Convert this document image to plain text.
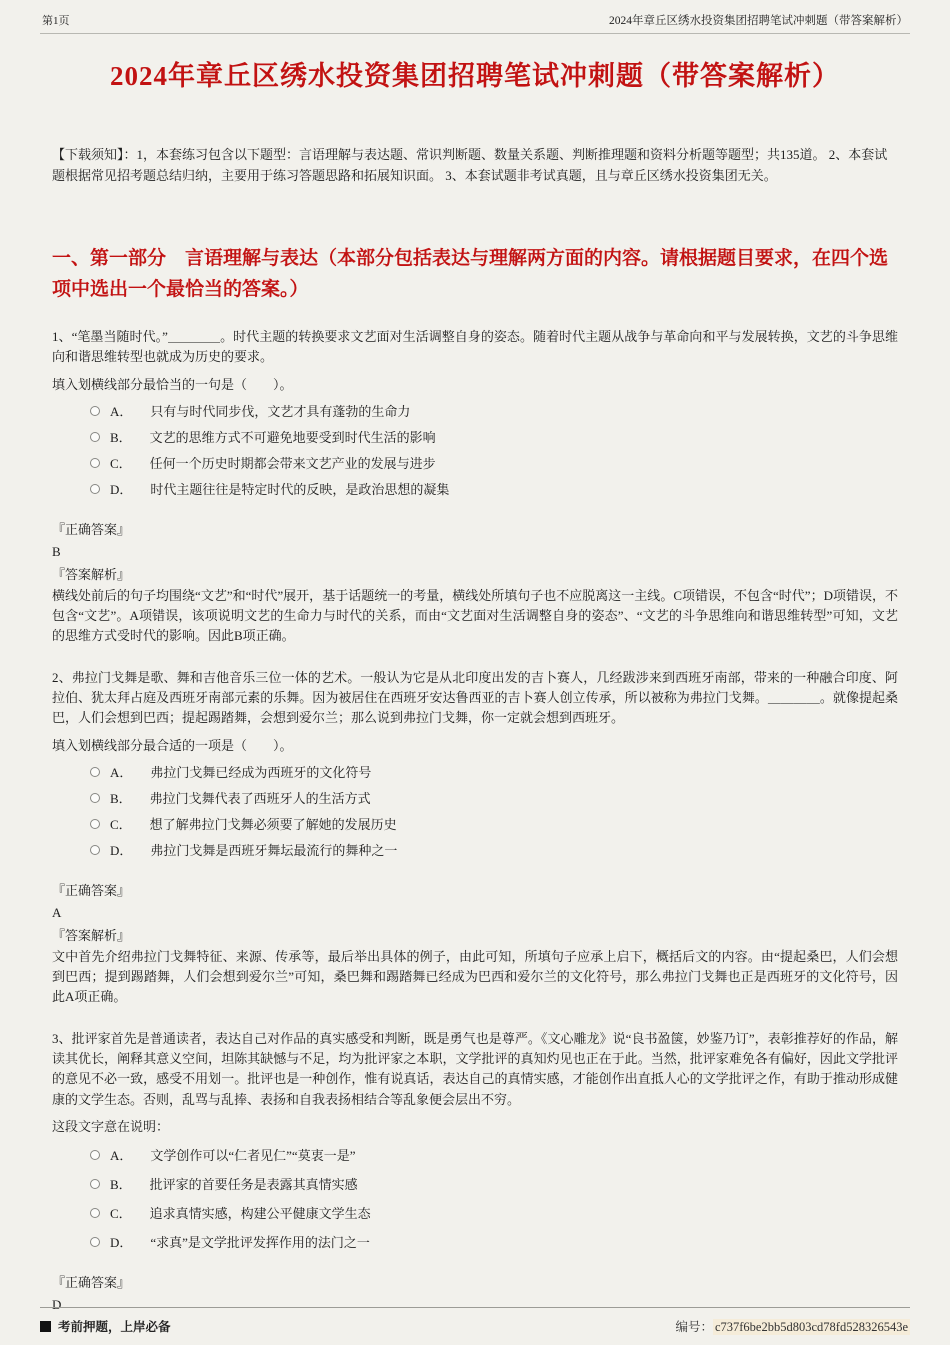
第1页	2024年章丘区绣水投资集团招聘笔试冲刺题（带答案解析）
2024年章丘区绣水投资集团招聘笔试冲刺题（带答案解析）

【下载须知】：1，本套练习包含以下题型：言语理解与表达题、常识判断题、数量关系题、判断推理题和资料分析题等题型；共135道。 2、本套试题根据常见招考题总结归纳，主要用于练习答题思路和拓展知识面。 3、本套试题非考试真题，且与章丘区绣水投资集团无关。

一、第一部分　言语理解与表达（本部分包括表达与理解两方面的内容。请根据题目要求，在四个选项中选出一个最恰当的答案。）

1、“笔墨当随时代。”＿＿＿＿。时代主题的转换要求文艺面对生活调整自身的姿态。随着时代主题从战争与革命向和平与发展转换，文艺的斗争思维向和谐思维转型也就成为历史的要求。

填入划横线部分最恰当的一句是（　　）。

A． 只有与时代同步伐，文艺才具有蓬勃的生命力
B． 文艺的思维方式不可避免地要受到时代生活的影响
C． 任何一个历史时期都会带来文艺产业的发展与进步
D． 时代主题往往是特定时代的反映，是政治思想的凝集

『正确答案』

B

『答案解析』

横线处前后的句子均围绕“文艺”和“时代”展开，基于话题统一的考量，横线处所填句子也不应脱离这一主线。C项错误，不包含“时代”；D项错误，不包含“文艺”。A项错误，该项说明文艺的生命力与时代的关系，而由“文艺面对生活调整自身的姿态”、“文艺的斗争思维向和谐思维转型”可知，文艺的思维方式受时代的影响。因此B项正确。

2、弗拉门戈舞是歌、舞和吉他音乐三位一体的艺术。一般认为它是从北印度出发的吉卜赛人，几经跋涉来到西班牙南部，带来的一种融合印度、阿拉伯、犹太拜占庭及西班牙南部元素的乐舞。因为被居住在西班牙安达鲁西亚的吉卜赛人创立传承，所以被称为弗拉门戈舞。＿＿＿＿。就像提起桑巴，人们会想到巴西；提起踢踏舞，会想到爱尔兰；那么说到弗拉门戈舞，你一定就会想到西班牙。

填入划横线部分最合适的一项是（　　）。

A． 弗拉门戈舞已经成为西班牙的文化符号
B． 弗拉门戈舞代表了西班牙人的生活方式
C． 想了解弗拉门戈舞必须要了解她的发展历史
D． 弗拉门戈舞是西班牙舞坛最流行的舞种之一

『正确答案』

A

『答案解析』

文中首先介绍弗拉门戈舞特征、来源、传承等，最后举出具体的例子，由此可知，所填句子应承上启下，概括后文的内容。由“提起桑巴，人们会想到巴西；提到踢踏舞，人们会想到爱尔兰”可知，桑巴舞和踢踏舞已经成为巴西和爱尔兰的文化符号，那么弗拉门戈舞也正是西班牙的文化符号，因此A项正确。

3、批评家首先是普通读者，表达自己对作品的真实感受和判断，既是勇气也是尊严。《文心雕龙》说“良书盈箧，妙鉴乃订”，表彰推荐好的作品，解读其优长，阐释其意义空间，坦陈其缺憾与不足，均为批评家之本职，文学批评的真知灼见也正在于此。当然，批评家难免各有偏好，因此文学批评的意见不必一致，感受不用划一。批评也是一种创作，惟有说真话，表达自己的真情实感，才能创作出直抵人心的文学批评之作，有助于推动形成健康的文学生态。否则，乱骂与乱捧、表扬和自我表扬相结合等乱象便会层出不穷。

这段文字意在说明：

A． 文学创作可以“仁者见仁”“莫衷一是”
B． 批评家的首要任务是表露其真情实感
C． 追求真情实感，构建公平健康文学生态
D． “求真”是文学批评发挥作用的法门之一

『正确答案』

D

考前押题，上岸必备	编号： c737f6be2bb5d803cd78fd528326543e
